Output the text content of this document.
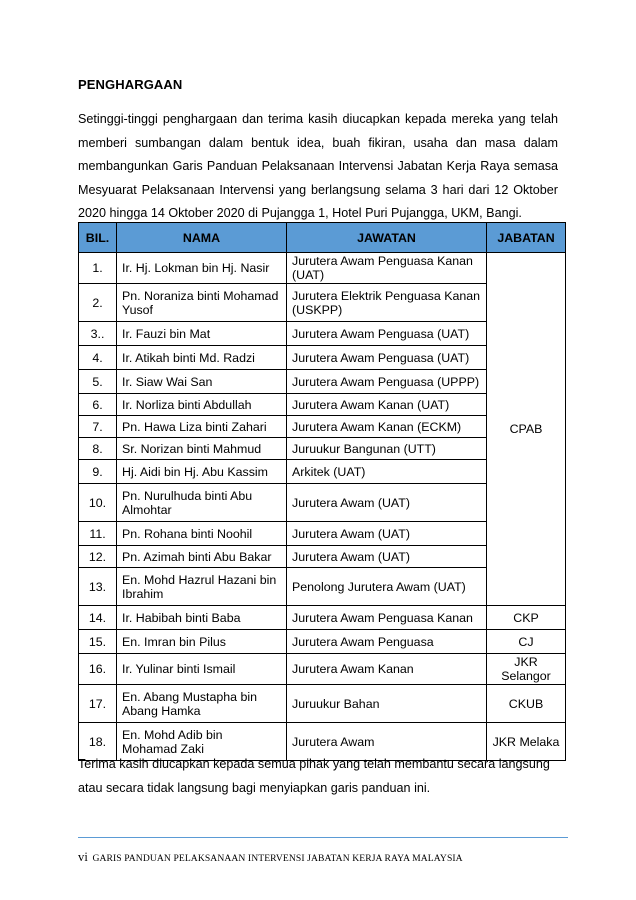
PENGHARGAAN

Setinggi-tinggi penghargaan dan terima kasih diucapkan kepada mereka yang telah memberi sumbangan dalam bentuk idea, buah fikiran, usaha dan masa dalam membangunkan Garis Panduan Pelaksanaan Intervensi Jabatan Kerja Raya semasa Mesyuarat Pelaksanaan Intervensi yang berlangsung selama 3 hari dari 12 Oktober 2020 hingga 14 Oktober 2020 di Pujangga 1, Hotel Puri Pujangga, UKM, Bangi.

BIL.	NAMA	JAWATAN	JABATAN
1.	Ir. Hj. Lokman bin Hj. Nasir	Jurutera Awam Penguasa Kanan (UAT)	CPAB
2.	Pn. Noraniza binti Mohamad Yusof	Jurutera Elektrik Penguasa Kanan (USKPP)	
3..	Ir. Fauzi bin Mat	Jurutera Awam Penguasa (UAT)	
4.	Ir. Atikah binti Md. Radzi	Jurutera Awam Penguasa (UAT)	
5.	Ir. Siaw Wai San	Jurutera Awam Penguasa (UPPP)	
6.	Ir. Norliza binti Abdullah	Jurutera Awam Kanan (UAT)	
7.	Pn. Hawa Liza binti Zahari	Jurutera Awam Kanan (ECKM)	
8.	Sr. Norizan binti Mahmud	Juruukur Bangunan (UTT)	
9.	Hj. Aidi bin Hj. Abu Kassim	Arkitek (UAT)	
10.	Pn. Nurulhuda binti Abu Almohtar	Jurutera Awam (UAT)	
11.	Pn. Rohana binti Noohil	Jurutera Awam (UAT)	
12.	Pn. Azimah binti Abu Bakar	Jurutera Awam (UAT)	
13.	En. Mohd Hazrul Hazani bin Ibrahim	Penolong Jurutera Awam (UAT)	
14.	Ir. Habibah binti Baba	Jurutera Awam Penguasa Kanan	CKP
15.	En. Imran bin Pilus	Jurutera Awam Penguasa	CJ
16.	Ir. Yulinar binti Ismail	Jurutera Awam Kanan	JKR Selangor
17.	En. Abang Mustapha bin Abang Hamka	Juruukur Bahan	CKUB
18.	En. Mohd Adib bin Mohamad Zaki	Jurutera Awam	JKR Melaka

Terima kasih diucapkan kepada semua pihak yang telah membantu secara langsung atau secara tidak langsung bagi menyiapkan garis panduan ini.

vi GARIS PANDUAN PELAKSANAAN INTERVENSI JABATAN KERJA RAYA MALAYSIA
